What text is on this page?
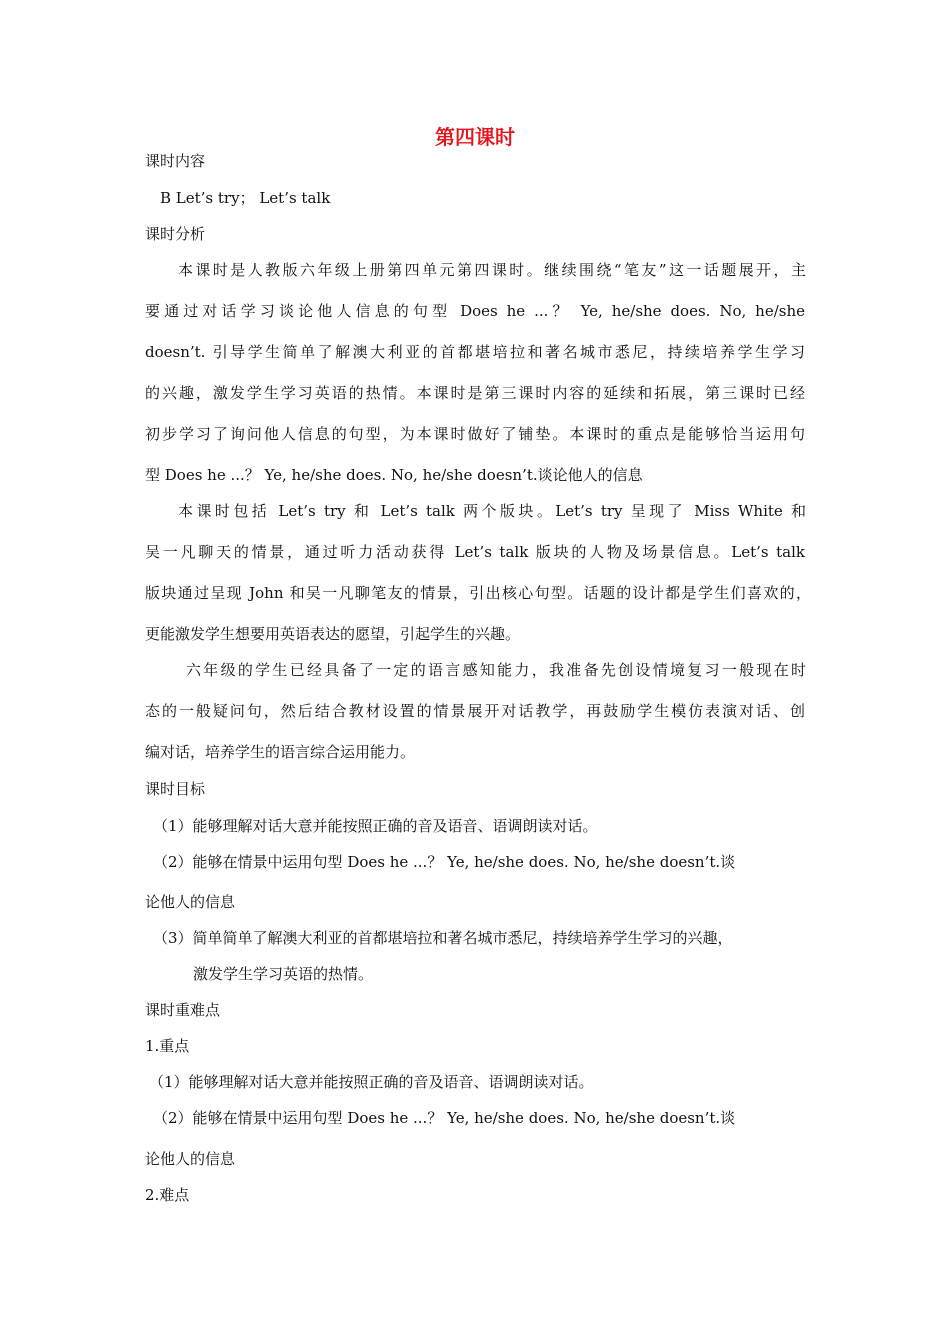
第四课时
课时内容
B Let’s try； Let’s talk
课时分析
本课时是人教版六年级上册第四单元第四课时。继续围绕“笔友”这一话题展开，主
要通过对话学习谈论他人信息的句型 Does he ...？ Ye, he/she does. No, he/she
doesn’t. 引导学生简单了解澳大利亚的首都堪培拉和著名城市悉尼，持续培养学生学习
的兴趣，激发学生学习英语的热情。本课时是第三课时内容的延续和拓展，第三课时已经
初步学习了询问他人信息的句型，为本课时做好了铺垫。本课时的重点是能够恰当运用句
型 Does he ...？ Ye, he/she does. No, he/she doesn’t.谈论他人的信息
本课时包括 Let’s try 和 Let’s talk 两个版块。Let’s try 呈现了 Miss White 和
吴一凡聊天的情景，通过听力活动获得 Let’s talk 版块的人物及场景信息。Let’s talk
版块通过呈现 John 和吴一凡聊笔友的情景，引出核心句型。话题的设计都是学生们喜欢的，
更能激发学生想要用英语表达的愿望，引起学生的兴趣。
六年级的学生已经具备了一定的语言感知能力，我准备先创设情境复习一般现在时
态的一般疑问句，然后结合教材设置的情景展开对话教学，再鼓励学生模仿表演对话、创
编对话，培养学生的语言综合运用能力。
课时目标
（1）能够理解对话大意并能按照正确的音及语音、语调朗读对话。
（2）能够在情景中运用句型 Does he ...？ Ye, he/she does. No, he/she doesn’t.谈
论他人的信息
（3）简单简单了解澳大利亚的首都堪培拉和著名城市悉尼，持续培养学生学习的兴趣，
激发学生学习英语的热情。
课时重难点
1.重点
（1）能够理解对话大意并能按照正确的音及语音、语调朗读对话。
（2）能够在情景中运用句型 Does he ...？ Ye, he/she does. No, he/she doesn’t.谈
论他人的信息
2.难点
